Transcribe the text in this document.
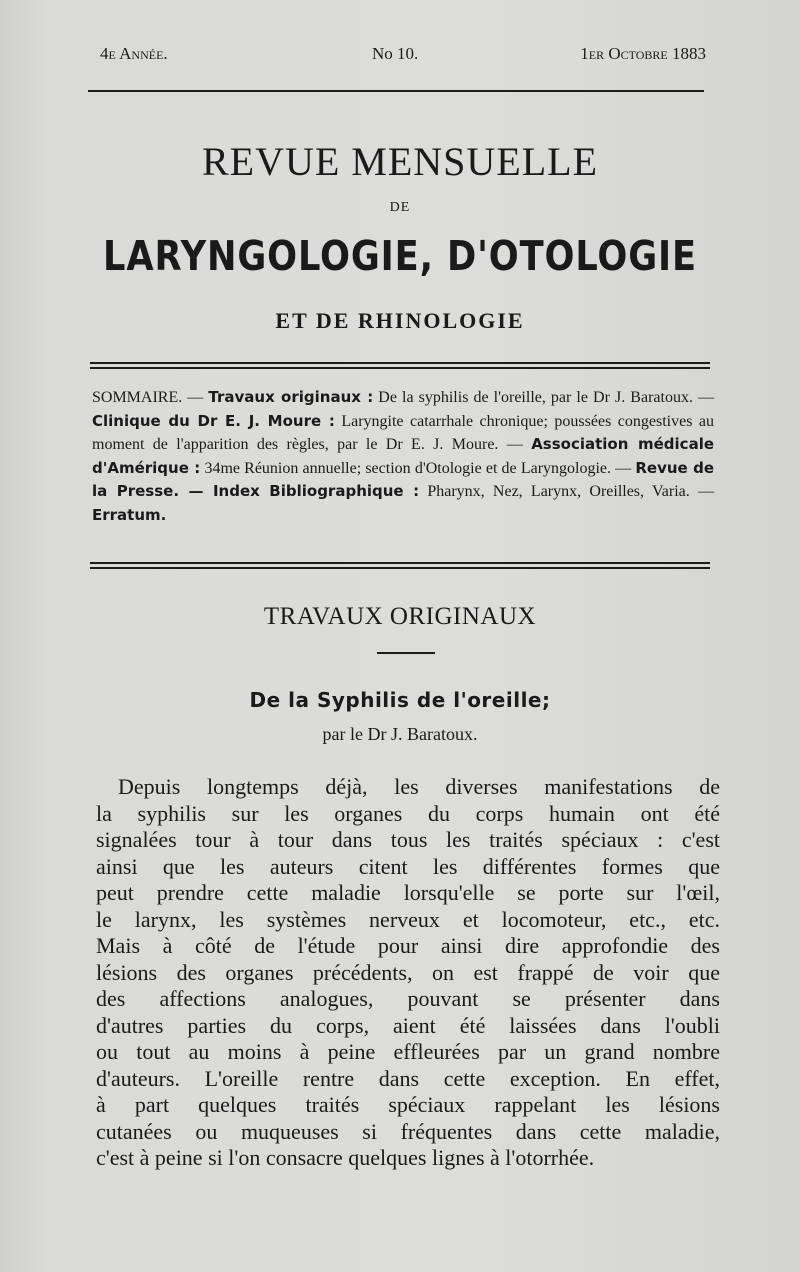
4e Année.	No 10.	1er Octobre 1883
REVUE MENSUELLE
DE
LARYNGOLOGIE, D'OTOLOGIE
ET DE RHINOLOGIE
SOMMAIRE. — Travaux originaux : De la syphilis de l'oreille, par le Dr J. Baratoux. — Clinique du Dr E. J. Moure : Laryngite catarrhale chronique; poussées congestives au moment de l'apparition des règles, par le Dr E. J. Moure. — Association médicale d'Amérique : 34me Réunion annuelle; section d'Otologie et de Laryngologie. — Revue de la Presse. — Index Bibliographique : Pharynx, Nez, Larynx, Oreilles, Varia. — Erratum.
TRAVAUX ORIGINAUX
De la Syphilis de l'oreille;
par le Dr J. Baratoux.
Depuis longtemps déjà, les diverses manifestations de
la syphilis sur les organes du corps humain ont été
signalées tour à tour dans tous les traités spéciaux : c'est
ainsi que les auteurs citent les différentes formes que
peut prendre cette maladie lorsqu'elle se porte sur l'œil,
le larynx, les systèmes nerveux et locomoteur, etc., etc.
Mais à côté de l'étude pour ainsi dire approfondie des
lésions des organes précédents, on est frappé de voir que
des affections analogues, pouvant se présenter dans
d'autres parties du corps, aient été laissées dans l'oubli
ou tout au moins à peine effleurées par un grand nombre
d'auteurs. L'oreille rentre dans cette exception. En effet,
à part quelques traités spéciaux rappelant les lésions
cutanées ou muqueuses si fréquentes dans cette maladie,
c'est à peine si l'on consacre quelques lignes à l'otorrhée.
